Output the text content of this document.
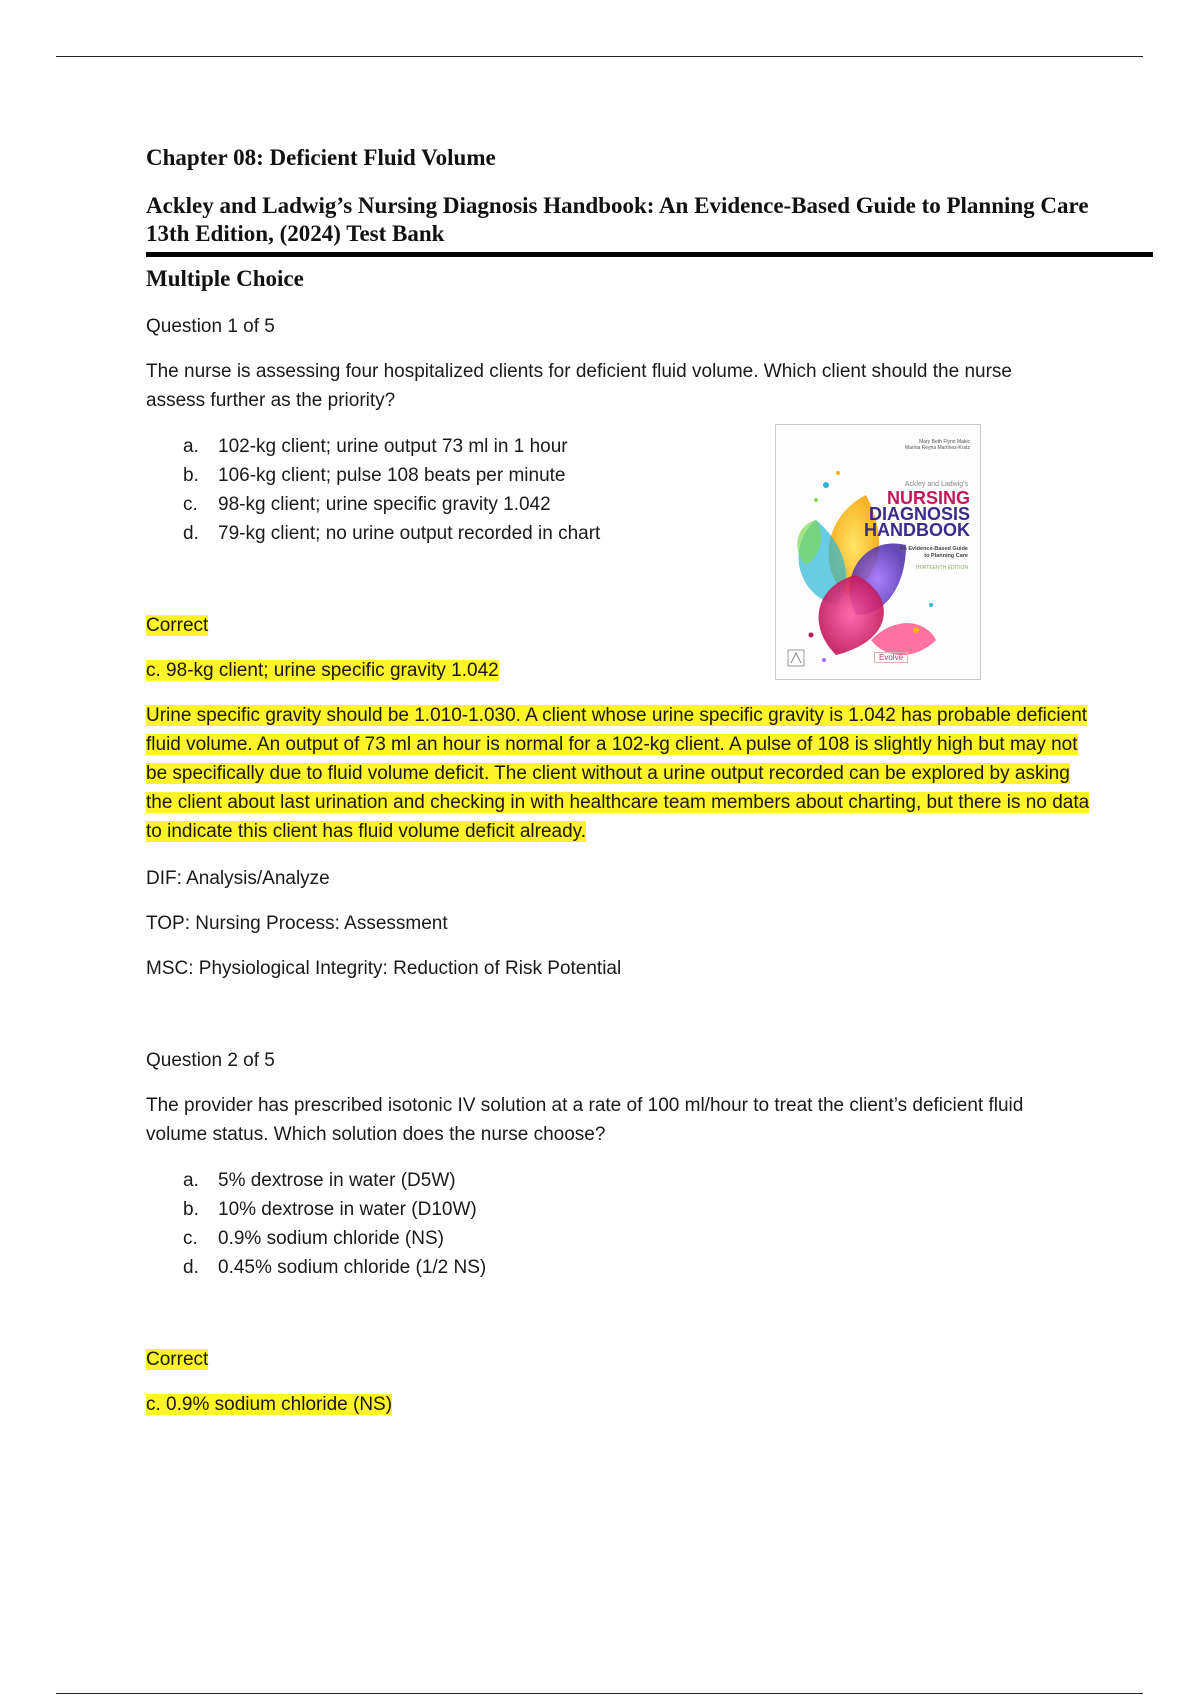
Chapter 08: Deficient Fluid Volume
Ackley and Ladwig’s Nursing Diagnosis Handbook: An Evidence-Based Guide to Planning Care 13th Edition, (2024) Test Bank
Multiple Choice
Question 1 of 5
The nurse is assessing four hospitalized clients for deficient fluid volume. Which client should the nurse assess further as the priority?
a. 102-kg client; urine output 73 ml in 1 hour
b. 106-kg client; pulse 108 beats per minute
c. 98-kg client; urine specific gravity 1.042
d. 79-kg client; no urine output recorded in chart
Mary Beth Flynn Makic
Marina Reyna Martinez-Kratz
Ackley and Ladwig's
NURSING
DIAGNOSIS
HANDBOOK
An Evidence-Based Guide
to Planning Care
THIRTEENTH EDITION
Evolve
Correct
c. 98-kg client; urine specific gravity 1.042
Urine specific gravity should be 1.010-1.030. A client whose urine specific gravity is 1.042 has probable deficient fluid volume. An output of 73 ml an hour is normal for a 102-kg client. A pulse of 108 is slightly high but may not be specifically due to fluid volume deficit. The client without a urine output recorded can be explored by asking the client about last urination and checking in with healthcare team members about charting, but there is no data to indicate this client has fluid volume deficit already.
DIF: Analysis/Analyze
TOP: Nursing Process: Assessment
MSC: Physiological Integrity: Reduction of Risk Potential
Question 2 of 5
The provider has prescribed isotonic IV solution at a rate of 100 ml/hour to treat the client’s deficient fluid volume status. Which solution does the nurse choose?
a. 5% dextrose in water (D5W)
b. 10% dextrose in water (D10W)
c. 0.9% sodium chloride (NS)
d. 0.45% sodium chloride (1/2 NS)
Correct
c. 0.9% sodium chloride (NS)
